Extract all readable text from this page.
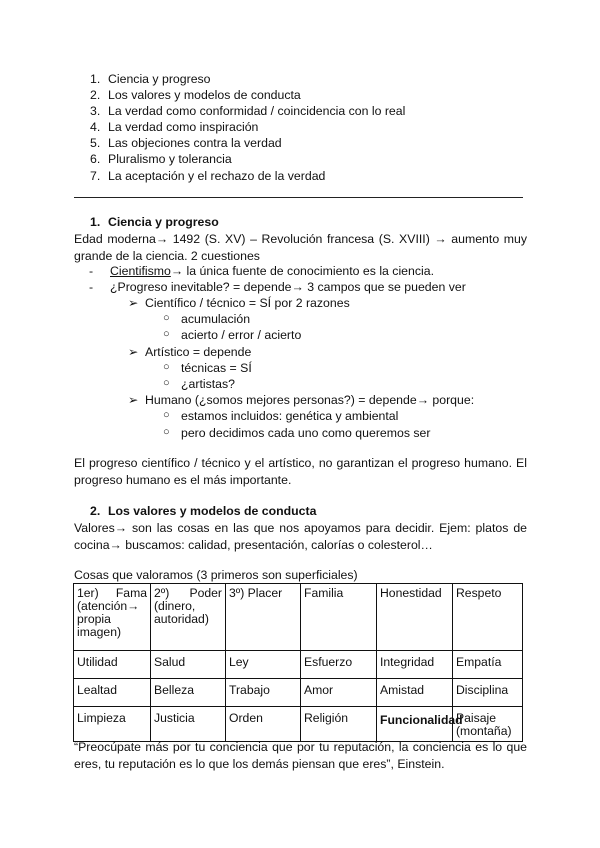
1. Ciencia y progreso
2. Los valores y modelos de conducta
3. La verdad como conformidad / coincidencia con lo real
4. La verdad como inspiración
5. Las objeciones contra la verdad
6. Pluralismo y tolerancia
7. La aceptación y el rechazo de la verdad
1. Ciencia y progreso
Edad moderna→ 1492 (S. XV) – Revolución francesa (S. XVIII) → aumento muy grande de la ciencia. 2 cuestiones
- Cientifismo→ la única fuente de conocimiento es la ciencia.
- ¿Progreso inevitable? = depende→ 3 campos que se pueden ver
➢ Científico / técnico = SÍ por 2 razones
○ acumulación
○ acierto / error / acierto
➢ Artístico = depende
○ técnicas = SÍ
○ ¿artistas?
➢ Humano (¿somos mejores personas?) = depende→ porque:
○ estamos incluidos: genética y ambiental
○ pero decidimos cada uno como queremos ser
El progreso científico / técnico y el artístico, no garantizan el progreso humano. El progreso humano es el más importante.
2. Los valores y modelos de conducta
Valores→ son las cosas en las que nos apoyamos para decidir. Ejem: platos de cocina→ buscamos: calidad, presentación, calorías o colesterol…
Cosas que valoramos (3 primeros son superficiales)
1er) Fama (atención→ propia imagen)	2º) Poder (dinero, autoridad)	3º) Placer	Familia	Honestidad	Respeto
Utilidad	Salud	Ley	Esfuerzo	Integridad	Empatía
Lealtad	Belleza	Trabajo	Amor	Amistad	Disciplina
Limpieza	Justicia	Orden	Religión	Funcionalidad	Paisaje (montaña)
“Preocúpate más por tu conciencia que por tu reputación, la conciencia es lo que eres, tu reputación es lo que los demás piensan que eres”, Einstein.
